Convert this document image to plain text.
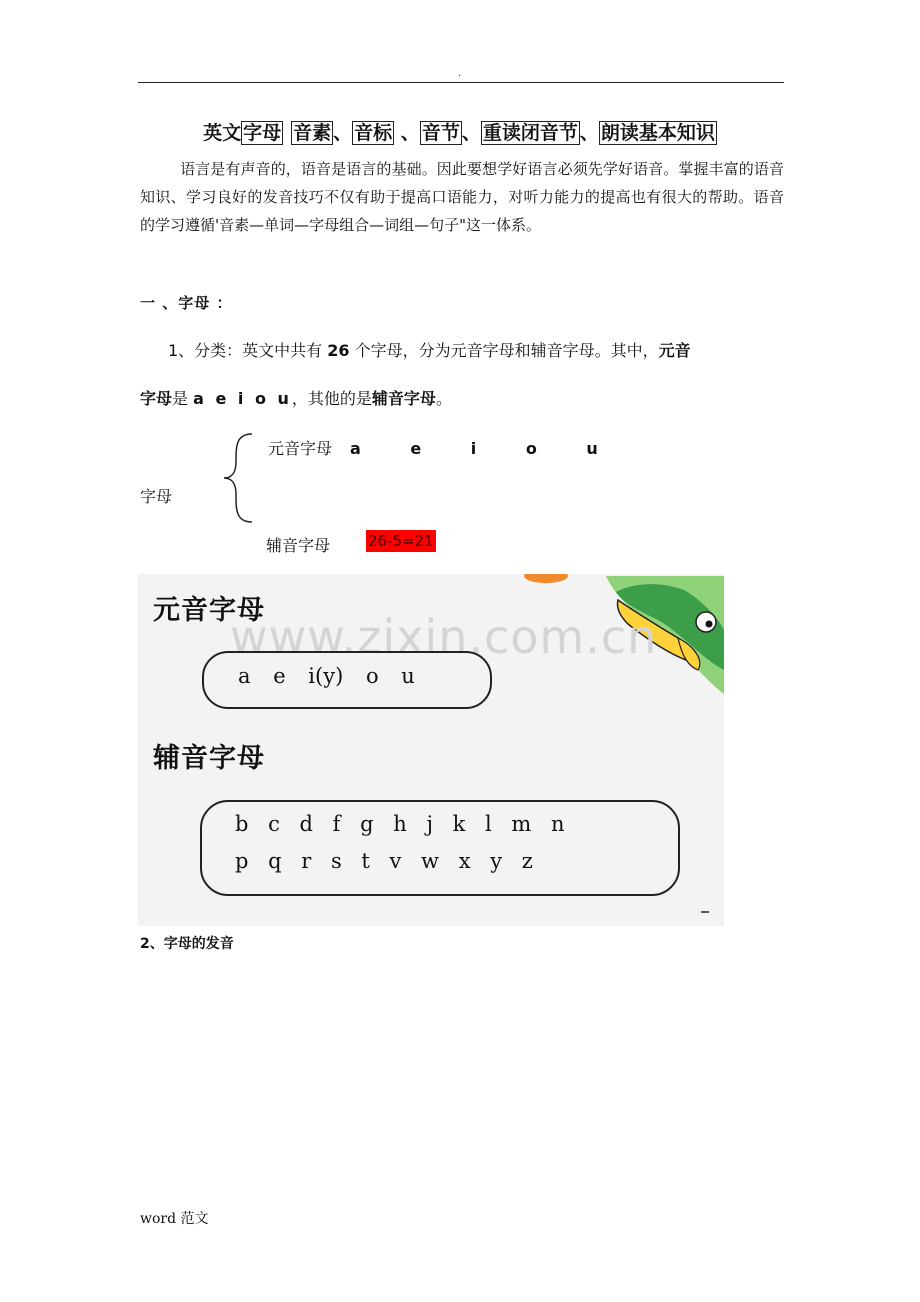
.
英文 字母 音素 、 音标 、 音节 、 重读闭音节 、 朗读基本知识
语言是有声音的，语音是语言的基础。因此要想学好语言必须先学好语音。掌握丰富的语音知识、学习良好的发音技巧不仅有助于提高口语能力，对听力能力的提高也有很大的帮助。语音的学习遵循'音素—单词—字母组合—词组—句子"这一体系。
一 、字母 ：
1、分类：英文中共有 26 个字母，分为元音字母和辅音字母。其中，元音
字母是 a e i o u，其他的是辅音字母。
元音字母 a e i o u
字母
辅音字母	26-5=21
www.zixin.com.cn
元音字母
a e i(y) o u
辅音字母
b c d f g h j k l m n
p q r s t v w x y z
2、字母的发音
word 范文
